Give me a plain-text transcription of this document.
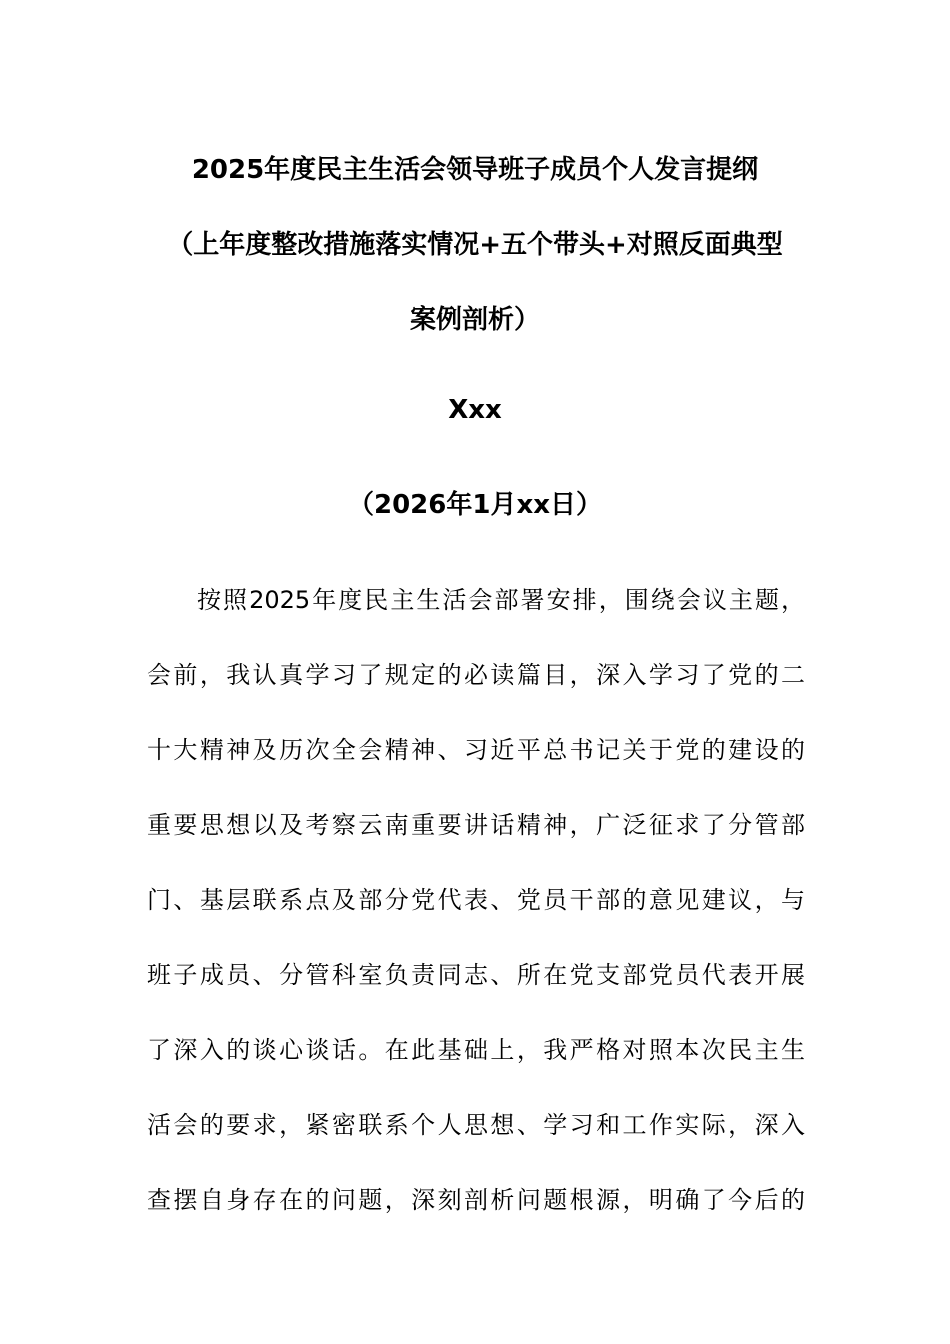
2025年度民主生活会领导班子成员个人发言提纲
（上年度整改措施落实情况+五个带头+对照反面典型
案例剖析）
Xxx
（2026年1月xx日）
按照2025年度民主生活会部署安排，围绕会议主题，
会前，我认真学习了规定的必读篇目，深入学习了党的二
十大精神及历次全会精神、习近平总书记关于党的建设的
重要思想以及考察云南重要讲话精神，广泛征求了分管部
门、基层联系点及部分党代表、党员干部的意见建议，与
班子成员、分管科室负责同志、所在党支部党员代表开展
了深入的谈心谈话。在此基础上，我严格对照本次民主生
活会的要求，紧密联系个人思想、学习和工作实际，深入
查摆自身存在的问题，深刻剖析问题根源，明确了今后的
